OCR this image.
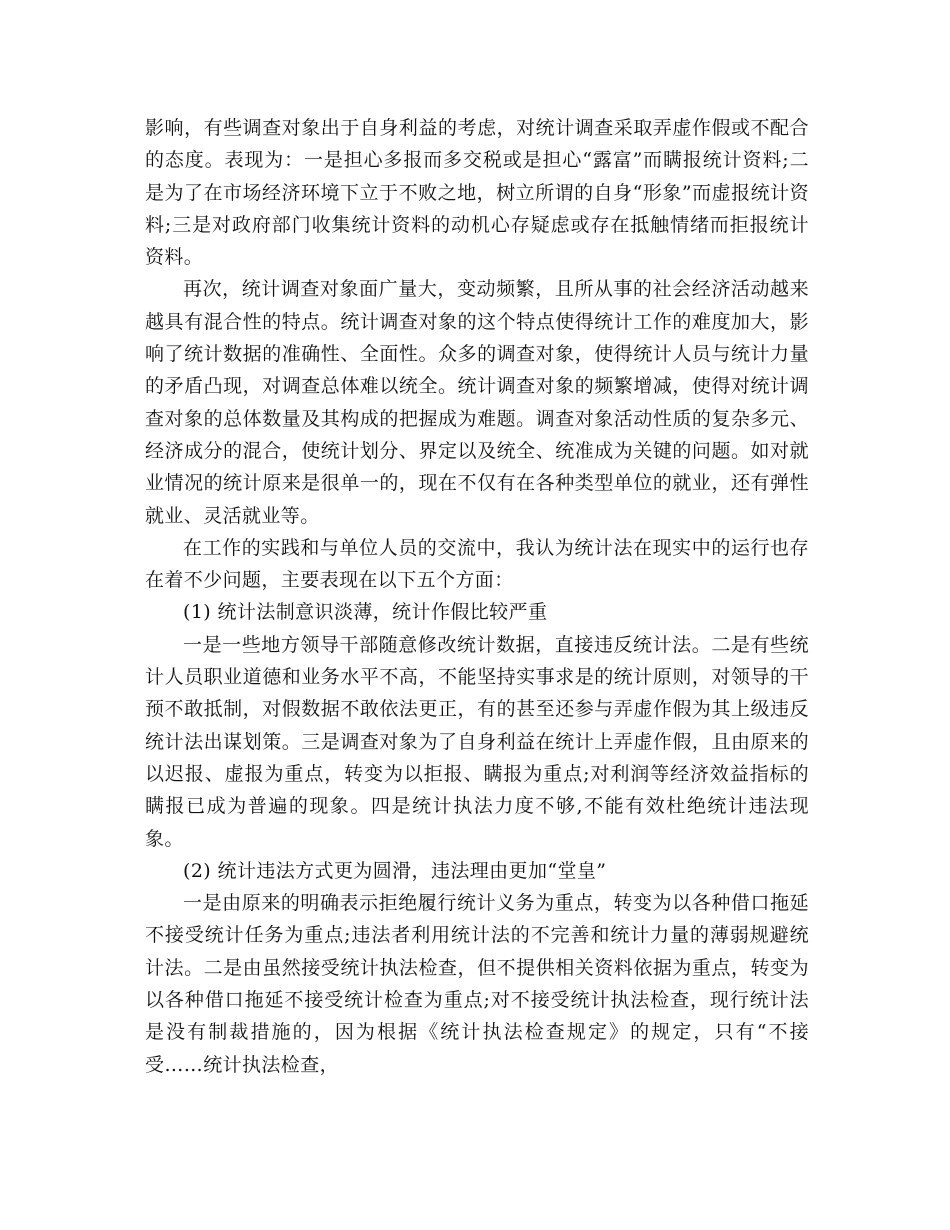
影响，有些调查对象出于自身利益的考虑，对统计调查采取弄虚作假或不配合的态度。表现为：一是担心多报而多交税或是担心“露富”而瞒报统计资料;二是为了在市场经济环境下立于不败之地，树立所谓的自身“形象”而虚报统计资料;三是对政府部门收集统计资料的动机心存疑虑或存在抵触情绪而拒报统计资料。

再次，统计调查对象面广量大，变动频繁，且所从事的社会经济活动越来越具有混合性的特点。统计调查对象的这个特点使得统计工作的难度加大，影响了统计数据的准确性、全面性。众多的调查对象，使得统计人员与统计力量的矛盾凸现，对调查总体难以统全。统计调查对象的频繁增减，使得对统计调查对象的总体数量及其构成的把握成为难题。调查对象活动性质的复杂多元、经济成分的混合，使统计划分、界定以及统全、统准成为关键的问题。如对就业情况的统计原来是很单一的，现在不仅有在各种类型单位的就业，还有弹性就业、灵活就业等。

在工作的实践和与单位人员的交流中，我认为统计法在现实中的运行也存在着不少问题，主要表现在以下五个方面：

(1) 统计法制意识淡薄，统计作假比较严重

一是一些地方领导干部随意修改统计数据，直接违反统计法。二是有些统计人员职业道德和业务水平不高，不能坚持实事求是的统计原则，对领导的干预不敢抵制，对假数据不敢依法更正，有的甚至还参与弄虚作假为其上级违反统计法出谋划策。三是调查对象为了自身利益在统计上弄虚作假，且由原来的以迟报、虚报为重点，转变为以拒报、瞒报为重点;对利润等经济效益指标的瞒报已成为普遍的现象。四是统计执法力度不够,不能有效杜绝统计违法现象。

(2) 统计违法方式更为圆滑，违法理由更加“堂皇”

一是由原来的明确表示拒绝履行统计义务为重点，转变为以各种借口拖延不接受统计任务为重点;违法者利用统计法的不完善和统计力量的薄弱规避统计法。二是由虽然接受统计执法检查，但不提供相关资料依据为重点，转变为以各种借口拖延不接受统计检查为重点;对不接受统计执法检查，现行统计法是没有制裁措施的，因为根据《统计执法检查规定》的规定，只有“不接受……统计执法检查，
